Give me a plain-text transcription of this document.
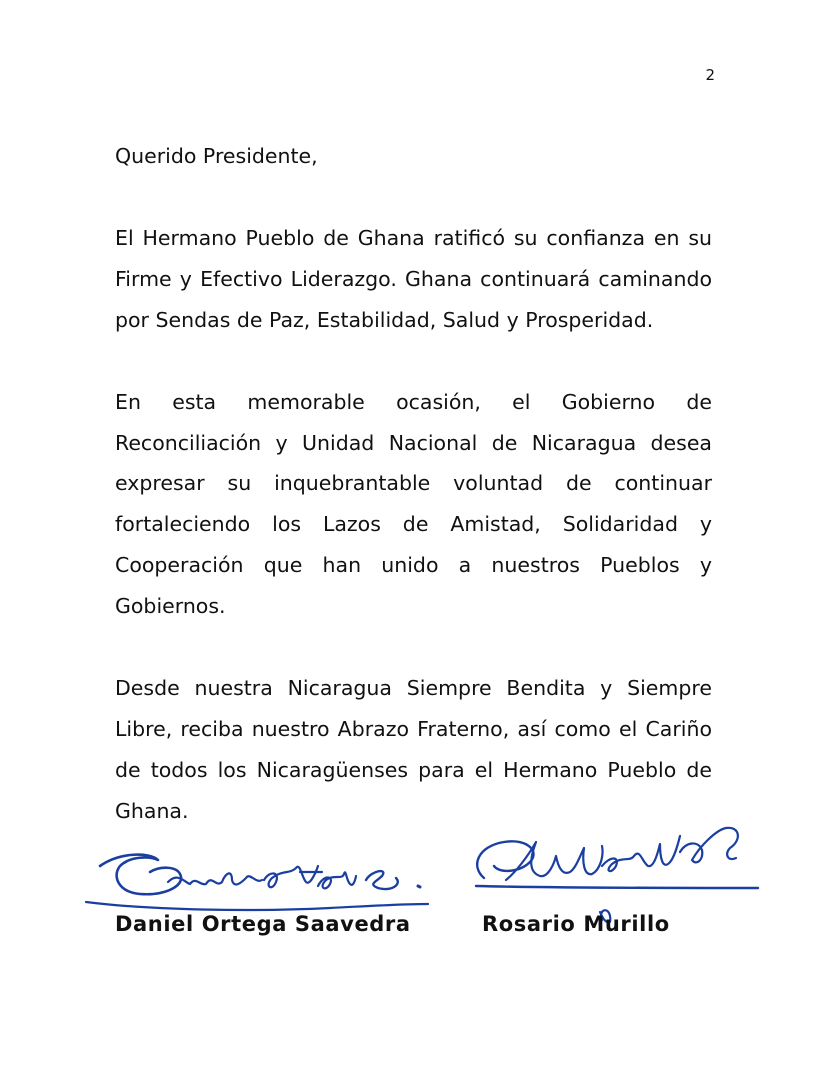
2

Querido Presidente,

El Hermano Pueblo de Ghana ratificó su confianza en su Firme y Efectivo Liderazgo. Ghana continuará caminando por Sendas de Paz, Estabilidad, Salud y Prosperidad.

En esta memorable ocasión, el Gobierno de Reconciliación y Unidad Nacional de Nicaragua desea expresar su inquebrantable voluntad de continuar fortaleciendo los Lazos de Amistad, Solidaridad y Cooperación que han unido a nuestros Pueblos y Gobiernos.

Desde nuestra Nicaragua Siempre Bendita y Siempre Libre, reciba nuestro Abrazo Fraterno, así como el Cariño de todos los Nicaragüenses para el Hermano Pueblo de Ghana.

Daniel Ortega Saavedra	Rosario Murillo
